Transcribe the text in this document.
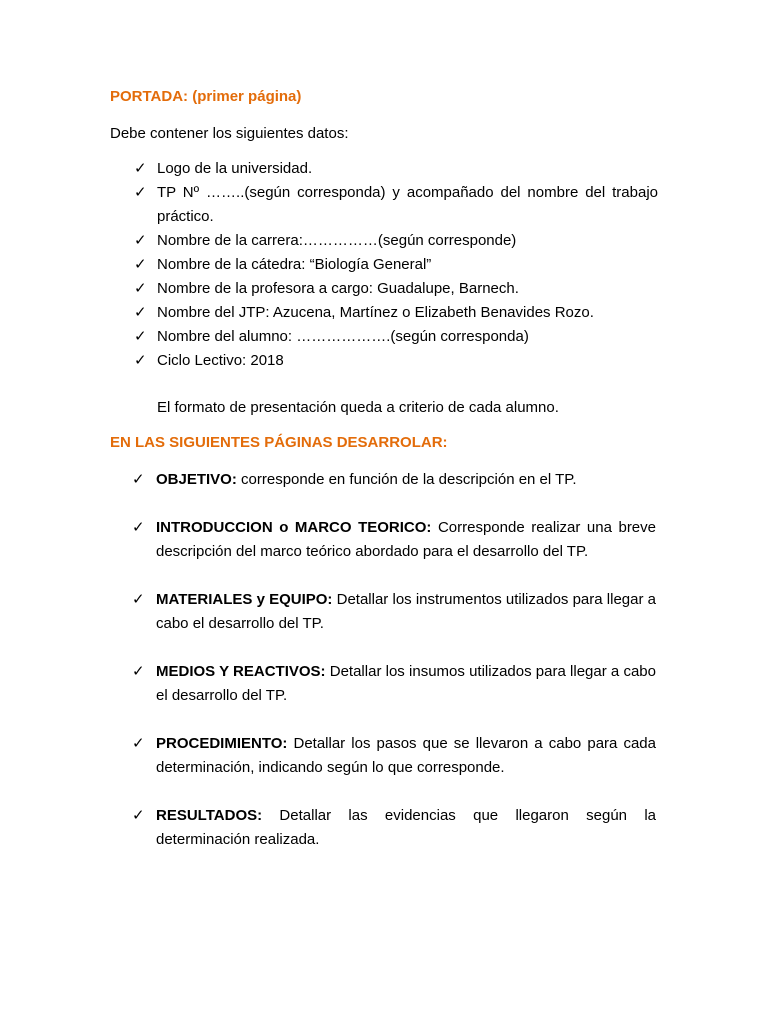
PORTADA: (primer página)
Debe contener los siguientes datos:
✓ Logo de la universidad.
✓ TP Nº ……..(según corresponda) y acompañado del nombre del trabajo práctico.
✓ Nombre de la carrera:……………(según corresponde)
✓ Nombre de la cátedra: “Biología General”
✓ Nombre de la profesora a cargo: Guadalupe, Barnech.
✓ Nombre del JTP: Azucena, Martínez o Elizabeth Benavides Rozo.
✓ Nombre del alumno: ……………….(según corresponda)
✓ Ciclo Lectivo: 2018
El formato de presentación queda a criterio de cada alumno.
EN LAS SIGUIENTES PÁGINAS DESARROLAR:
✓ OBJETIVO: corresponde en función de la descripción en el TP.
✓ INTRODUCCION o MARCO TEORICO: Corresponde realizar una breve descripción del marco teórico abordado para el desarrollo del TP.
✓ MATERIALES y EQUIPO: Detallar los instrumentos utilizados para llegar a cabo el desarrollo del TP.
✓ MEDIOS Y REACTIVOS: Detallar los insumos utilizados para llegar a cabo el desarrollo del TP.
✓ PROCEDIMIENTO: Detallar los pasos que se llevaron a cabo para cada determinación, indicando según lo que corresponde.
✓ RESULTADOS: Detallar las evidencias que llegaron según la determinación realizada.
